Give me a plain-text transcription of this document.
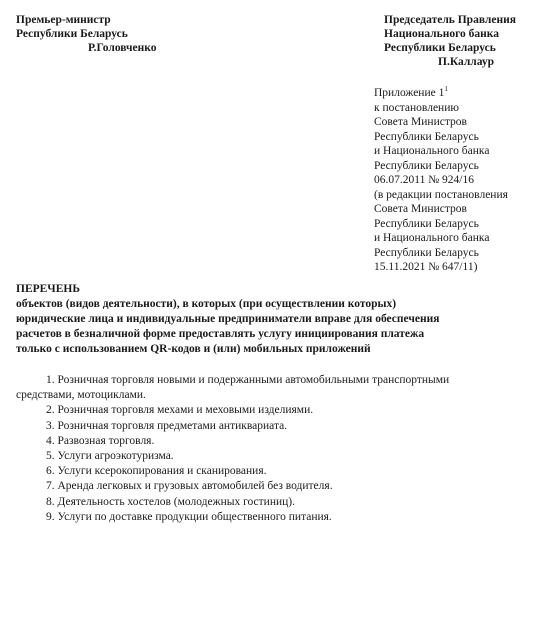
Премьер-министр
Республики Беларусь
Р.Головченко
Председатель Правления
Национального банка
Республики Беларусь
П.Каллаур
Приложение $1^1$
к постановлению
Совета Министров
Республики Беларусь
и Национального банка
Республики Беларусь
06.07.2011 № 924/16
(в редакции постановления
Совета Министров
Республики Беларусь
и Национального банка
Республики Беларусь
15.11.2021 № 647/11)
ПЕРЕЧЕНЬ
объектов (видов деятельности), в которых (при осуществлении которых)
юридические лица и индивидуальные предприниматели вправе для обеспечения
расчетов в безналичной форме предоставлять услугу инициирования платежа
только с использованием QR-кодов и (или) мобильных приложений
1. Розничная торговля новыми и подержанными автомобильными транспортными
средствами, мотоциклами.
2. Розничная торговля мехами и меховыми изделиями.
3. Розничная торговля предметами антиквариата.
4. Развозная торговля.
5. Услуги агроэкотуризма.
6. Услуги ксерокопирования и сканирования.
7. Аренда легковых и грузовых автомобилей без водителя.
8. Деятельность хостелов (молодежных гостиниц).
9. Услуги по доставке продукции общественного питания.
